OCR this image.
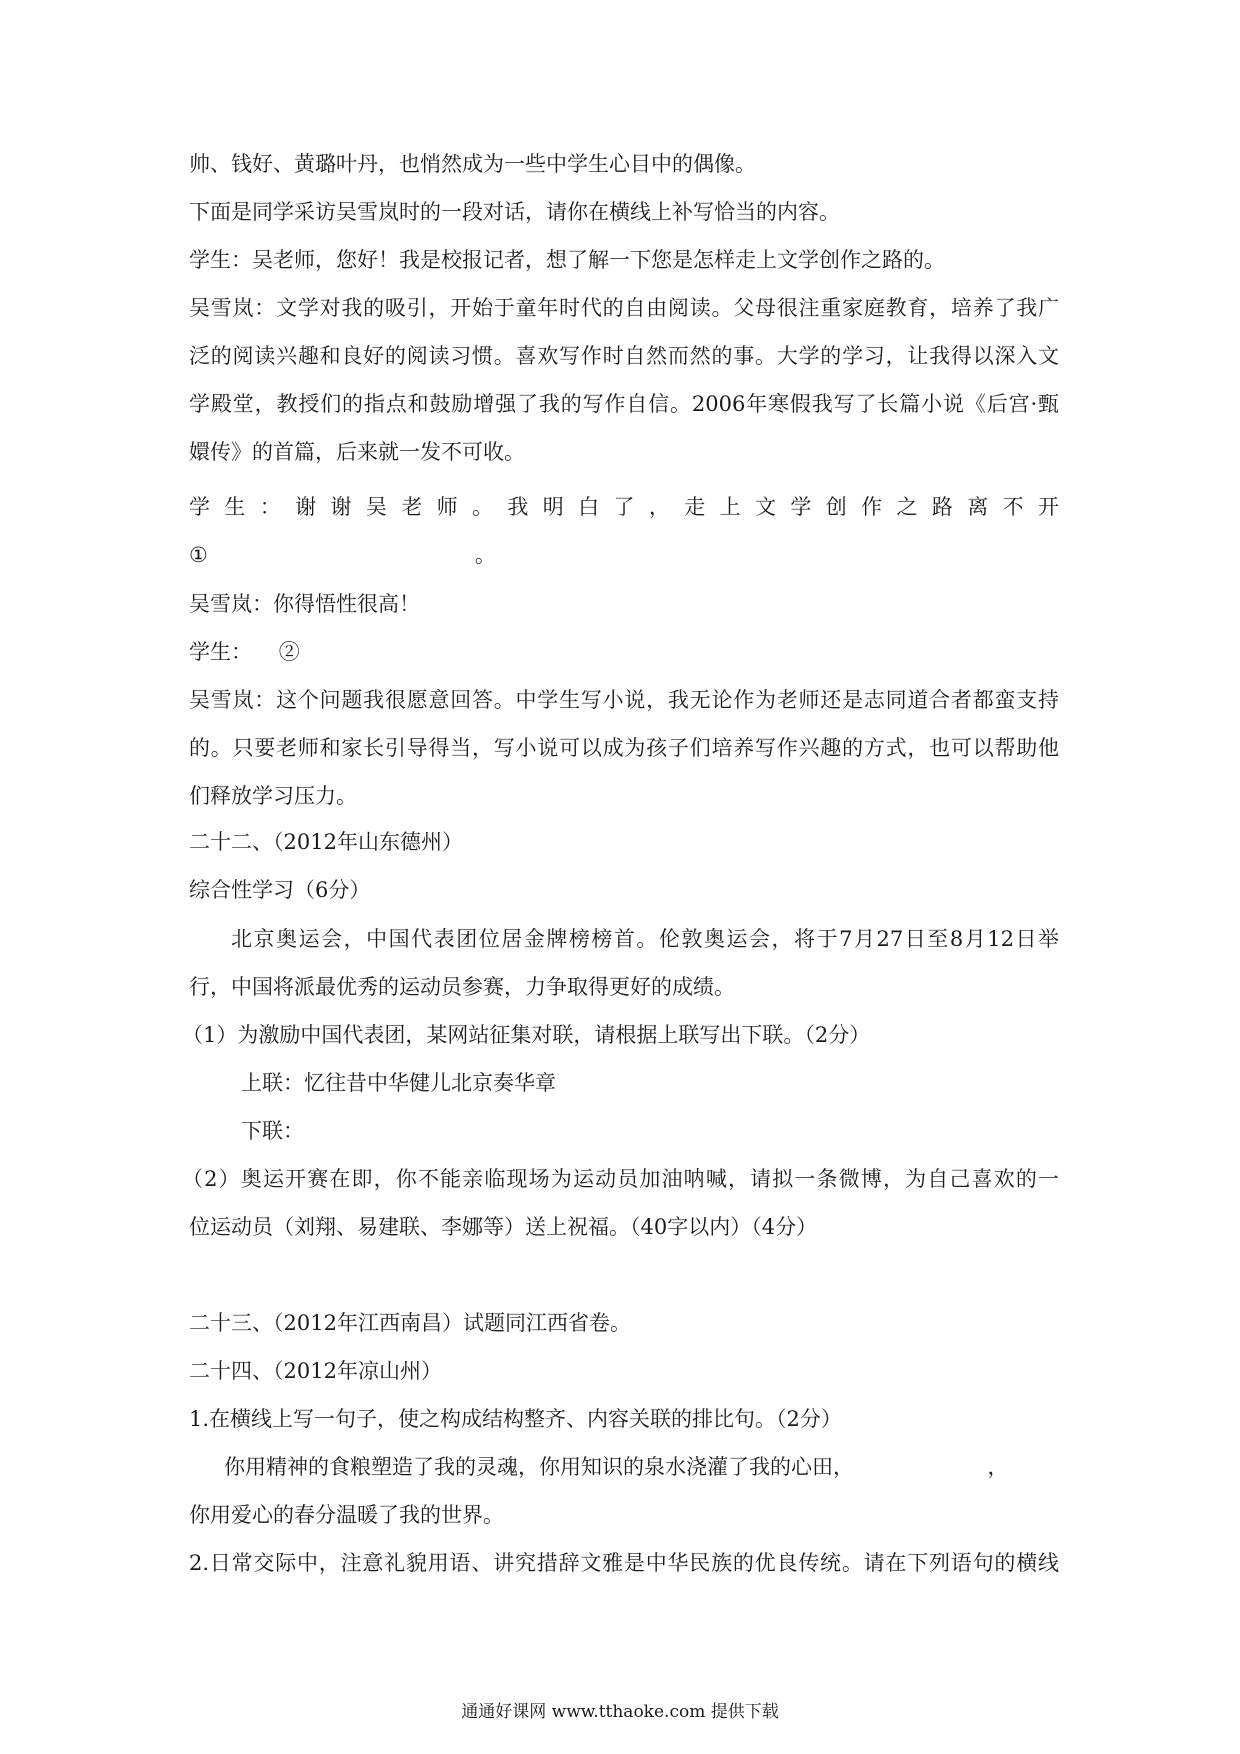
帅、钱好、黄璐叶丹，也悄然成为一些中学生心目中的偶像。
下面是同学采访吴雪岚时的一段对话，请你在横线上补写恰当的内容。
学生：吴老师，您好！我是校报记者，想了解一下您是怎样走上文学创作之路的。
吴雪岚：文学对我的吸引，开始于童年时代的自由阅读。父母很注重家庭教育，培养了我广
泛的阅读兴趣和良好的阅读习惯。喜欢写作时自然而然的事。大学的学习，让我得以深入文
学殿堂，教授们的指点和鼓励增强了我的写作自信。2006年寒假我写了长篇小说《后宫·甄
嬛传》的首篇，后来就一发不可收。
学 生 ： 谢 谢 吴 老 师 。 我 明 白 了 ， 走 上 文 学 创 作 之 路 离 不 开
①                                        。
吴雪岚：你得悟性很高！
学生：    ②
吴雪岚：这个问题我很愿意回答。中学生写小说，我无论作为老师还是志同道合者都蛮支持
的。只要老师和家长引导得当，写小说可以成为孩子们培养写作兴趣的方式，也可以帮助他
们释放学习压力。
二十二、（2012年山东德州）
综合性学习（6分）
北京奥运会，中国代表团位居金牌榜榜首。伦敦奥运会，将于7月27日至8月12日举
行，中国将派最优秀的运动员参赛，力争取得更好的成绩。
（1）为激励中国代表团，某网站征集对联，请根据上联写出下联。（2分）
上联：忆往昔中华健儿北京奏华章
下联：
（2）奥运开赛在即，你不能亲临现场为运动员加油呐喊，请拟一条微博，为自己喜欢的一
位运动员（刘翔、易建联、李娜等）送上祝福。（40字以内）（4分）
二十三、（2012年江西南昌）试题同江西省卷。
二十四、（2012年凉山州）
1.在横线上写一句子，使之构成结构整齐、内容关联的排比句。（2分）
你用精神的食粮塑造了我的灵魂，你用知识的泉水浇灌了我的心田，                    ，
你用爱心的春分温暖了我的世界。
2.日常交际中，注意礼貌用语、讲究措辞文雅是中华民族的优良传统。请在下列语句的横线
通通好课网 www.tthaoke.com 提供下载
